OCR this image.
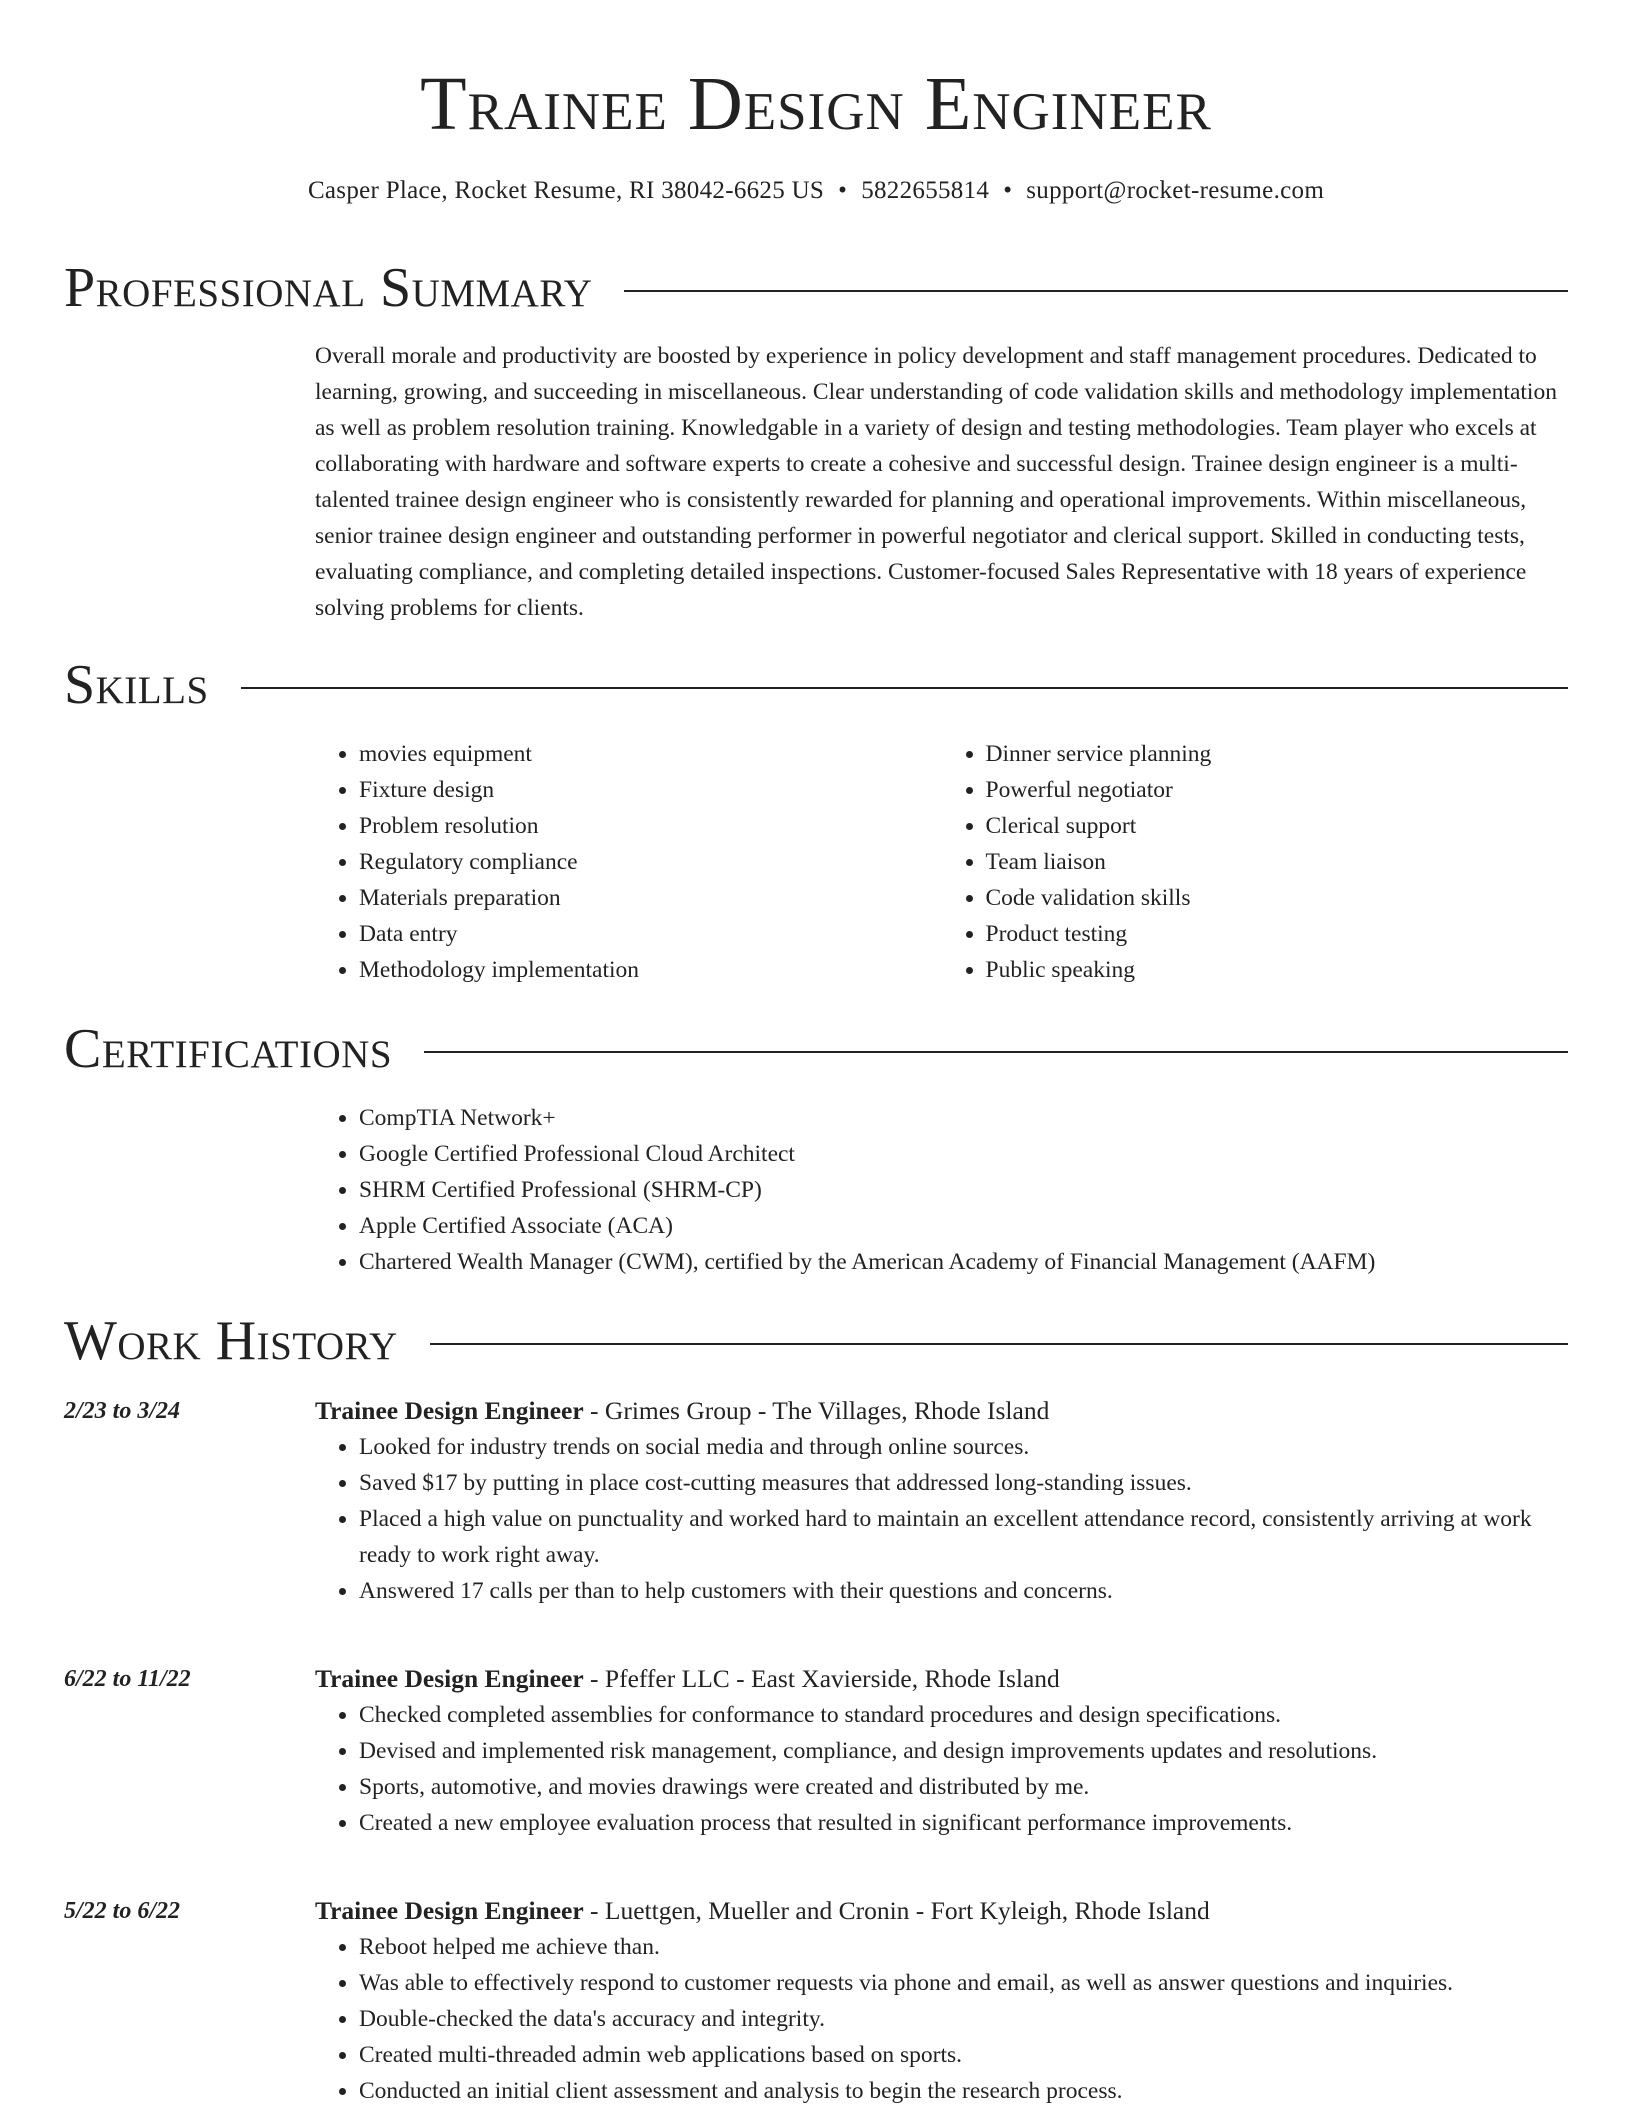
Trainee Design Engineer
Casper Place, Rocket Resume, RI 38042-6625 US • 5822655814 • support@rocket-resume.com
Professional Summary

Overall morale and productivity are boosted by experience in policy development and staff management procedures. Dedicated to learning, growing, and succeeding in miscellaneous. Clear understanding of code validation skills and methodology implementation as well as problem resolution training. Knowledgable in a variety of design and testing methodologies. Team player who excels at collaborating with hardware and software experts to create a cohesive and successful design. Trainee design engineer is a multi-talented trainee design engineer who is consistently rewarded for planning and operational improvements. Within miscellaneous, senior trainee design engineer and outstanding performer in powerful negotiator and clerical support. Skilled in conducting tests, evaluating compliance, and completing detailed inspections. Customer-focused Sales Representative with 18 years of experience solving problems for clients.

Skills
• movies equipment
• Fixture design
• Problem resolution
• Regulatory compliance
• Materials preparation
• Data entry
• Methodology implementation
• Dinner service planning
• Powerful negotiator
• Clerical support
• Team liaison
• Code validation skills
• Product testing
• Public speaking
Certifications
• CompTIA Network+
• Google Certified Professional Cloud Architect
• SHRM Certified Professional (SHRM-CP)
• Apple Certified Associate (ACA)
• Chartered Wealth Manager (CWM), certified by the American Academy of Financial Management (AAFM)
Work History
2/23 to 3/24	Trainee Design Engineer - Grimes Group - The Villages, Rhode Island
• Looked for industry trends on social media and through online sources.
• Saved $17 by putting in place cost-cutting measures that addressed long-standing issues.
• Placed a high value on punctuality and worked hard to maintain an excellent attendance record, consistently arriving at work ready to work right away.
• Answered 17 calls per than to help customers with their questions and concerns.
6/22 to 11/22	Trainee Design Engineer - Pfeffer LLC - East Xavierside, Rhode Island
• Checked completed assemblies for conformance to standard procedures and design specifications.
• Devised and implemented risk management, compliance, and design improvements updates and resolutions.
• Sports, automotive, and movies drawings were created and distributed by me.
• Created a new employee evaluation process that resulted in significant performance improvements.
5/22 to 6/22	Trainee Design Engineer - Luettgen, Mueller and Cronin - Fort Kyleigh, Rhode Island
• Reboot helped me achieve than.
• Was able to effectively respond to customer requests via phone and email, as well as answer questions and inquiries.
• Double-checked the data's accuracy and integrity.
• Created multi-threaded admin web applications based on sports.
• Conducted an initial client assessment and analysis to begin the research process.
